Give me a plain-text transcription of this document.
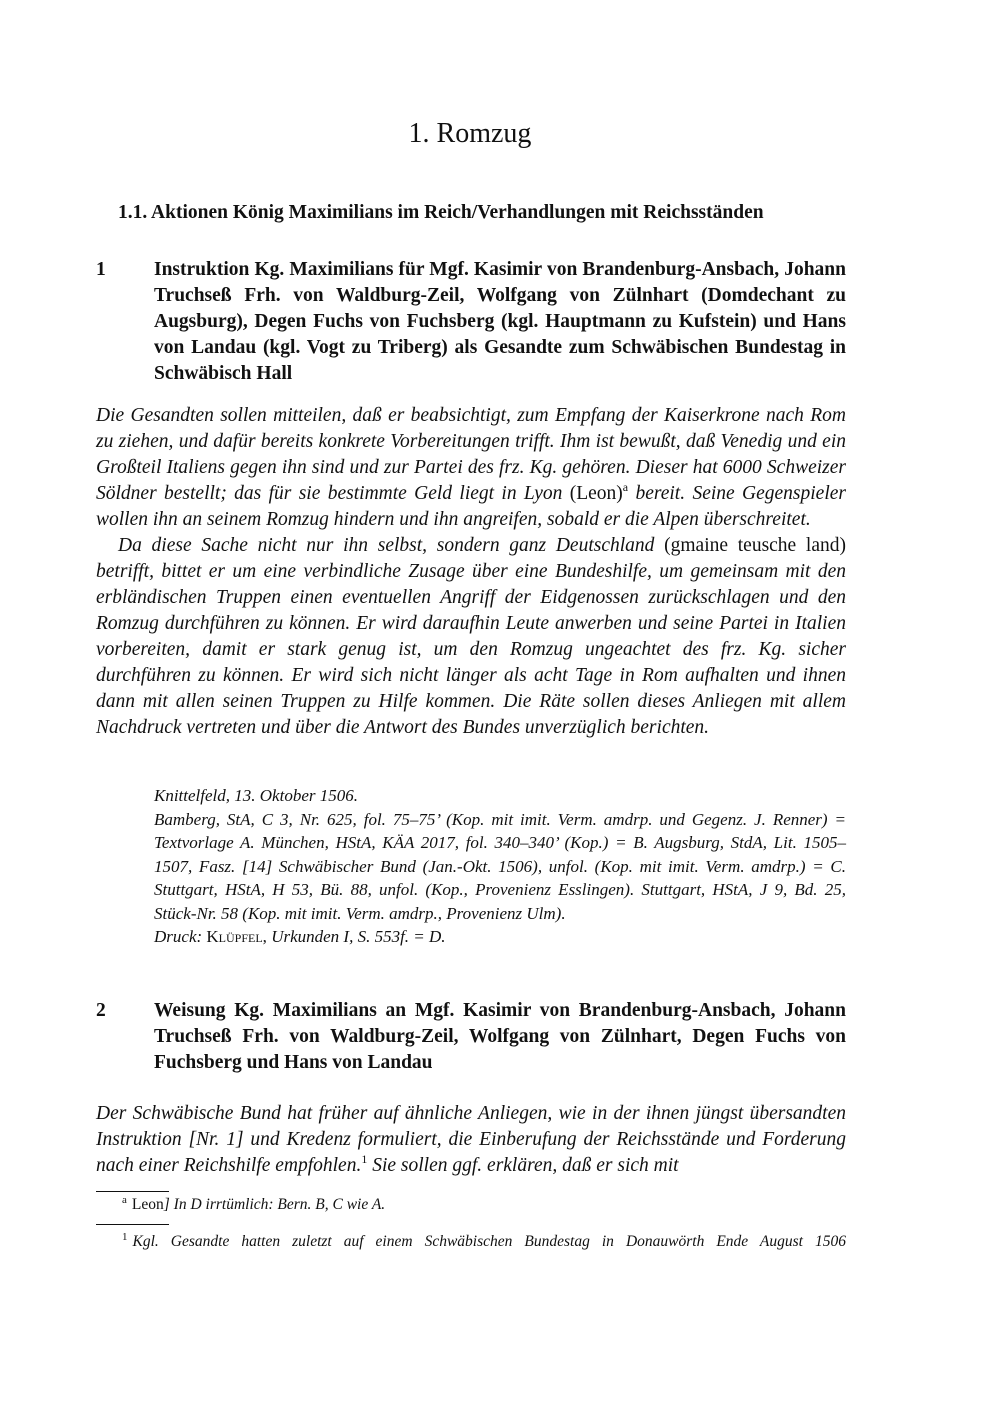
1. Romzug
1.1. Aktionen König Maximilians im Reich/Verhandlungen mit Reichsständen
1 Instruktion Kg. Maximilians für Mgf. Kasimir von Brandenburg-Ansbach, Johann Truchseß Frh. von Waldburg-Zeil, Wolfgang von Zülnhart (Domdechant zu Augsburg), Degen Fuchs von Fuchsberg (kgl. Hauptmann zu Kufstein) und Hans von Landau (kgl. Vogt zu Triberg) als Gesandte zum Schwäbischen Bundestag in Schwäbisch Hall

Die Gesandten sollen mitteilen, daß er beabsichtigt, zum Empfang der Kaiserkrone nach Rom zu ziehen, und dafür bereits konkrete Vorbereitungen trifft. Ihm ist bewußt, daß Venedig und ein Großteil Italiens gegen ihn sind und zur Partei des frz. Kg. gehören. Dieser hat 6000 Schweizer Söldner bestellt; das für sie bestimmte Geld liegt in Lyon (Leon)$^a$ bereit. Seine Gegenspieler wollen ihn an seinem Romzug hindern und ihn angreifen, sobald er die Alpen überschreitet.

Da diese Sache nicht nur ihn selbst, sondern ganz Deutschland (gmaine teusche land) betrifft, bittet er um eine verbindliche Zusage über eine Bundeshilfe, um gemeinsam mit den erbländischen Truppen einen eventuellen Angriff der Eidgenossen zurückschlagen und den Romzug durchführen zu können. Er wird daraufhin Leute anwerben und seine Partei in Italien vorbereiten, damit er stark genug ist, um den Romzug ungeachtet des frz. Kg. sicher durchführen zu können. Er wird sich nicht länger als acht Tage in Rom aufhalten und ihnen dann mit allen seinen Truppen zu Hilfe kommen. Die Räte sollen dieses Anliegen mit allem Nachdruck vertreten und über die Antwort des Bundes unverzüglich berichten.

Knittelfeld, 13. Oktober 1506.

Bamberg, StA, C 3, Nr. 625, fol. 75–75’ (Kop. mit imit. Verm. amdrp. und Gegenz. J. Renner) = Textvorlage A. München, HStA, KÄA 2017, fol. 340–340’ (Kop.) = B. Augsburg, StdA, Lit. 1505–1507, Fasz. [14] Schwäbischer Bund (Jan.-Okt. 1506), unfol. (Kop. mit imit. Verm. amdrp.) = C. Stuttgart, HStA, H 53, Bü. 88, unfol. (Kop., Provenienz Esslingen). Stuttgart, HStA, J 9, Bd. 25, Stück-Nr. 58 (Kop. mit imit. Verm. amdrp., Provenienz Ulm).

Druck: Klüpfel, Urkunden I, S. 553f. = D.

2 Weisung Kg. Maximilians an Mgf. Kasimir von Brandenburg-Ansbach, Johann Truchseß Frh. von Waldburg-Zeil, Wolfgang von Zülnhart, Degen Fuchs von Fuchsberg und Hans von Landau

Der Schwäbische Bund hat früher auf ähnliche Anliegen, wie in der ihnen jüngst übersandten Instruktion [Nr. 1] und Kredenz formuliert, die Einberufung der Reichsstände und Forderung nach einer Reichshilfe empfohlen.$^1$ Sie sollen ggf. erklären, daß er sich mit

$^a$ Leon] In D irrtümlich: Bern. B, C wie A.

$^1$ Kgl. Gesandte hatten zuletzt auf einem Schwäbischen Bundestag in Donauwörth Ende August 1506
